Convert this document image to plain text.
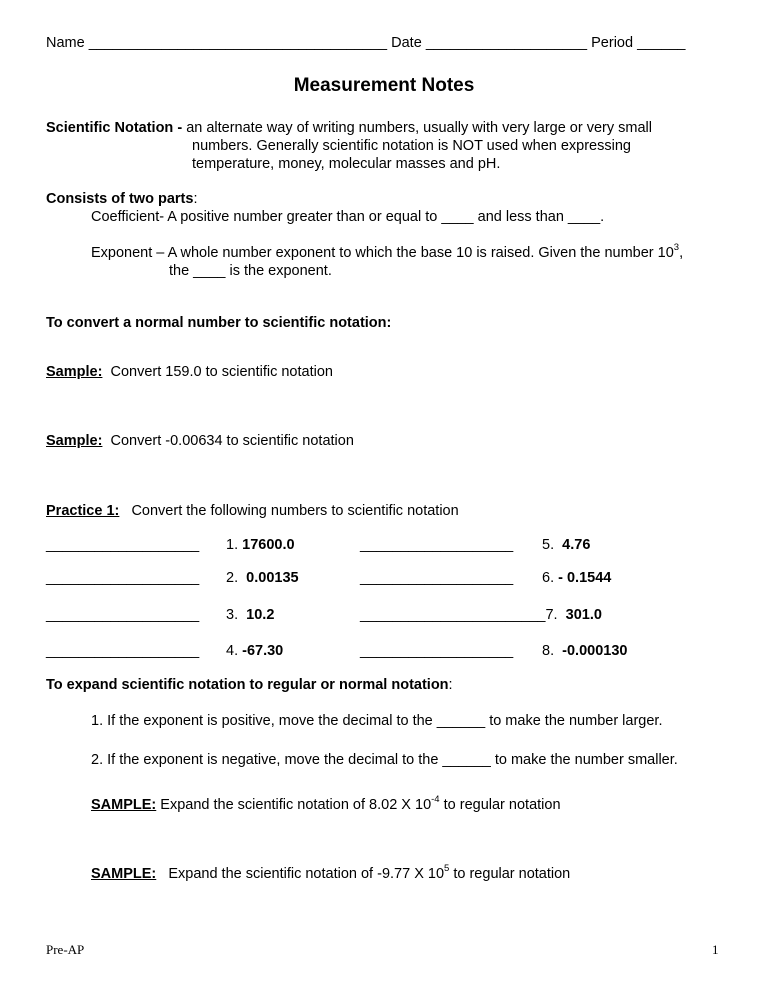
Name _____________________________________ Date ____________________ Period ______
Measurement Notes
Scientific Notation - an alternate way of writing numbers, usually with very large or very small
numbers. Generally scientific notation is NOT used when expressing
temperature, money, molecular masses and pH.
Consists of two parts:
Coefficient- A positive number greater than or equal to ____ and less than ____.
Exponent – A whole number exponent to which the base 10 is raised. Given the number $10^3$,
the ____ is the exponent.
To convert a normal number to scientific notation:
Sample: Convert 159.0 to scientific notation
Sample: Convert -0.00634 to scientific notation
Practice 1: Convert the following numbers to scientific notation
___________________ 1. 17600.0	___________________ 5. 4.76
___________________ 2. 0.00135	___________________ 6. - 0.1544
___________________ 3. 10.2	_______________________7. 301.0
___________________ 4. -67.30	___________________ 8. -0.000130
To expand scientific notation to regular or normal notation:
1. If the exponent is positive, move the decimal to the ______ to make the number larger.
2. If the exponent is negative, move the decimal to the ______ to make the number smaller.
SAMPLE: Expand the scientific notation of 8.02 X $10^{-4}$ to regular notation
SAMPLE: Expand the scientific notation of -9.77 X $10^5$ to regular notation
Pre-AP	1
